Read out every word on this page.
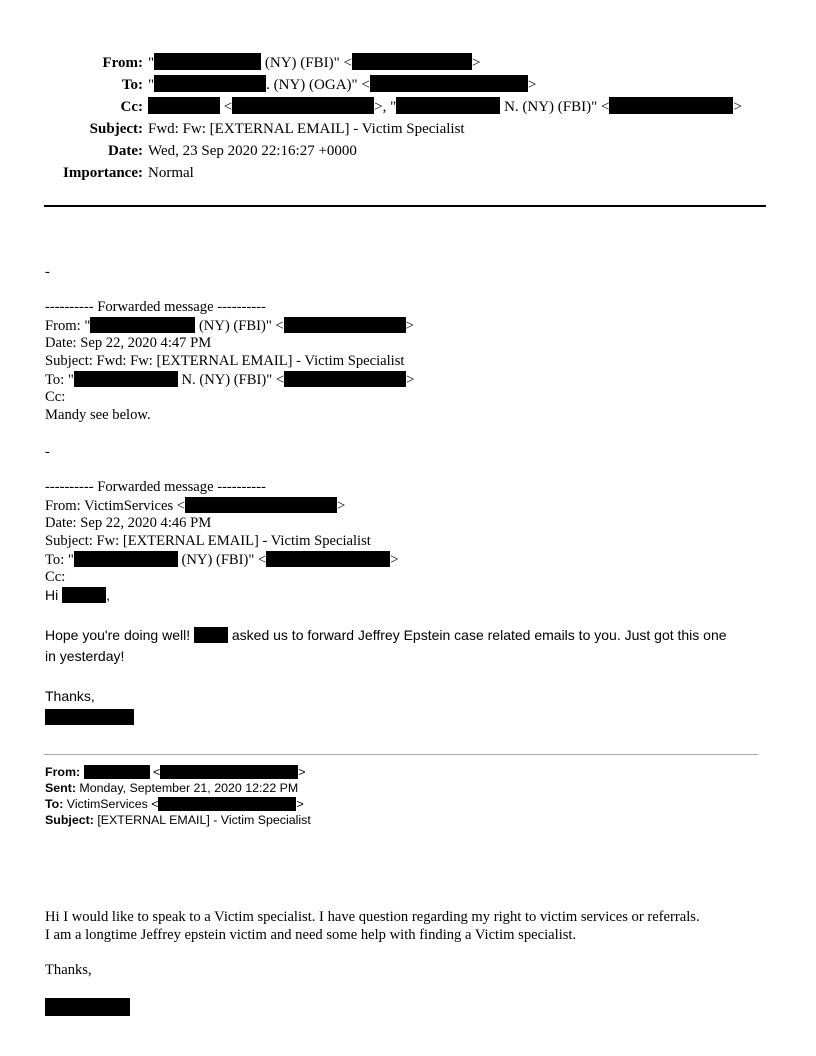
From: "	(NY) (FBI)" <	>
To: "	. (NY) (OGA)" <	>
Cc:	<	>, "	N. (NY) (FBI)" <	>
Subject: Fwd: Fw: [EXTERNAL EMAIL] - Victim Specialist
Date: Wed, 23 Sep 2020 22:16:27 +0000
Importance: Normal
-
---------- Forwarded message ----------
From: "	(NY) (FBI)" <	>
Date: Sep 22, 2020 4:47 PM
Subject: Fwd: Fw: [EXTERNAL EMAIL] - Victim Specialist
To: "	N. (NY) (FBI)" <	>
Cc:
Mandy see below.
-
---------- Forwarded message ----------
From: VictimServices <	>
Date: Sep 22, 2020 4:46 PM
Subject: Fw: [EXTERNAL EMAIL] - Victim Specialist
To: "	(NY) (FBI)" <	>
Cc:
Hi	,
Hope you're doing well!  asked us to forward Jeffrey Epstein case related emails to you. Just got this one
in yesterday!
Thanks,
From:	<	>
Sent: Monday, September 21, 2020 12:22 PM
To: VictimServices <	>
Subject: [EXTERNAL EMAIL] - Victim Specialist
Hi I would like to speak to a Victim specialist. I have question regarding my right to victim services or referrals.
I am a longtime Jeffrey epstein victim and need some help with finding a Victim specialist.
Thanks,
